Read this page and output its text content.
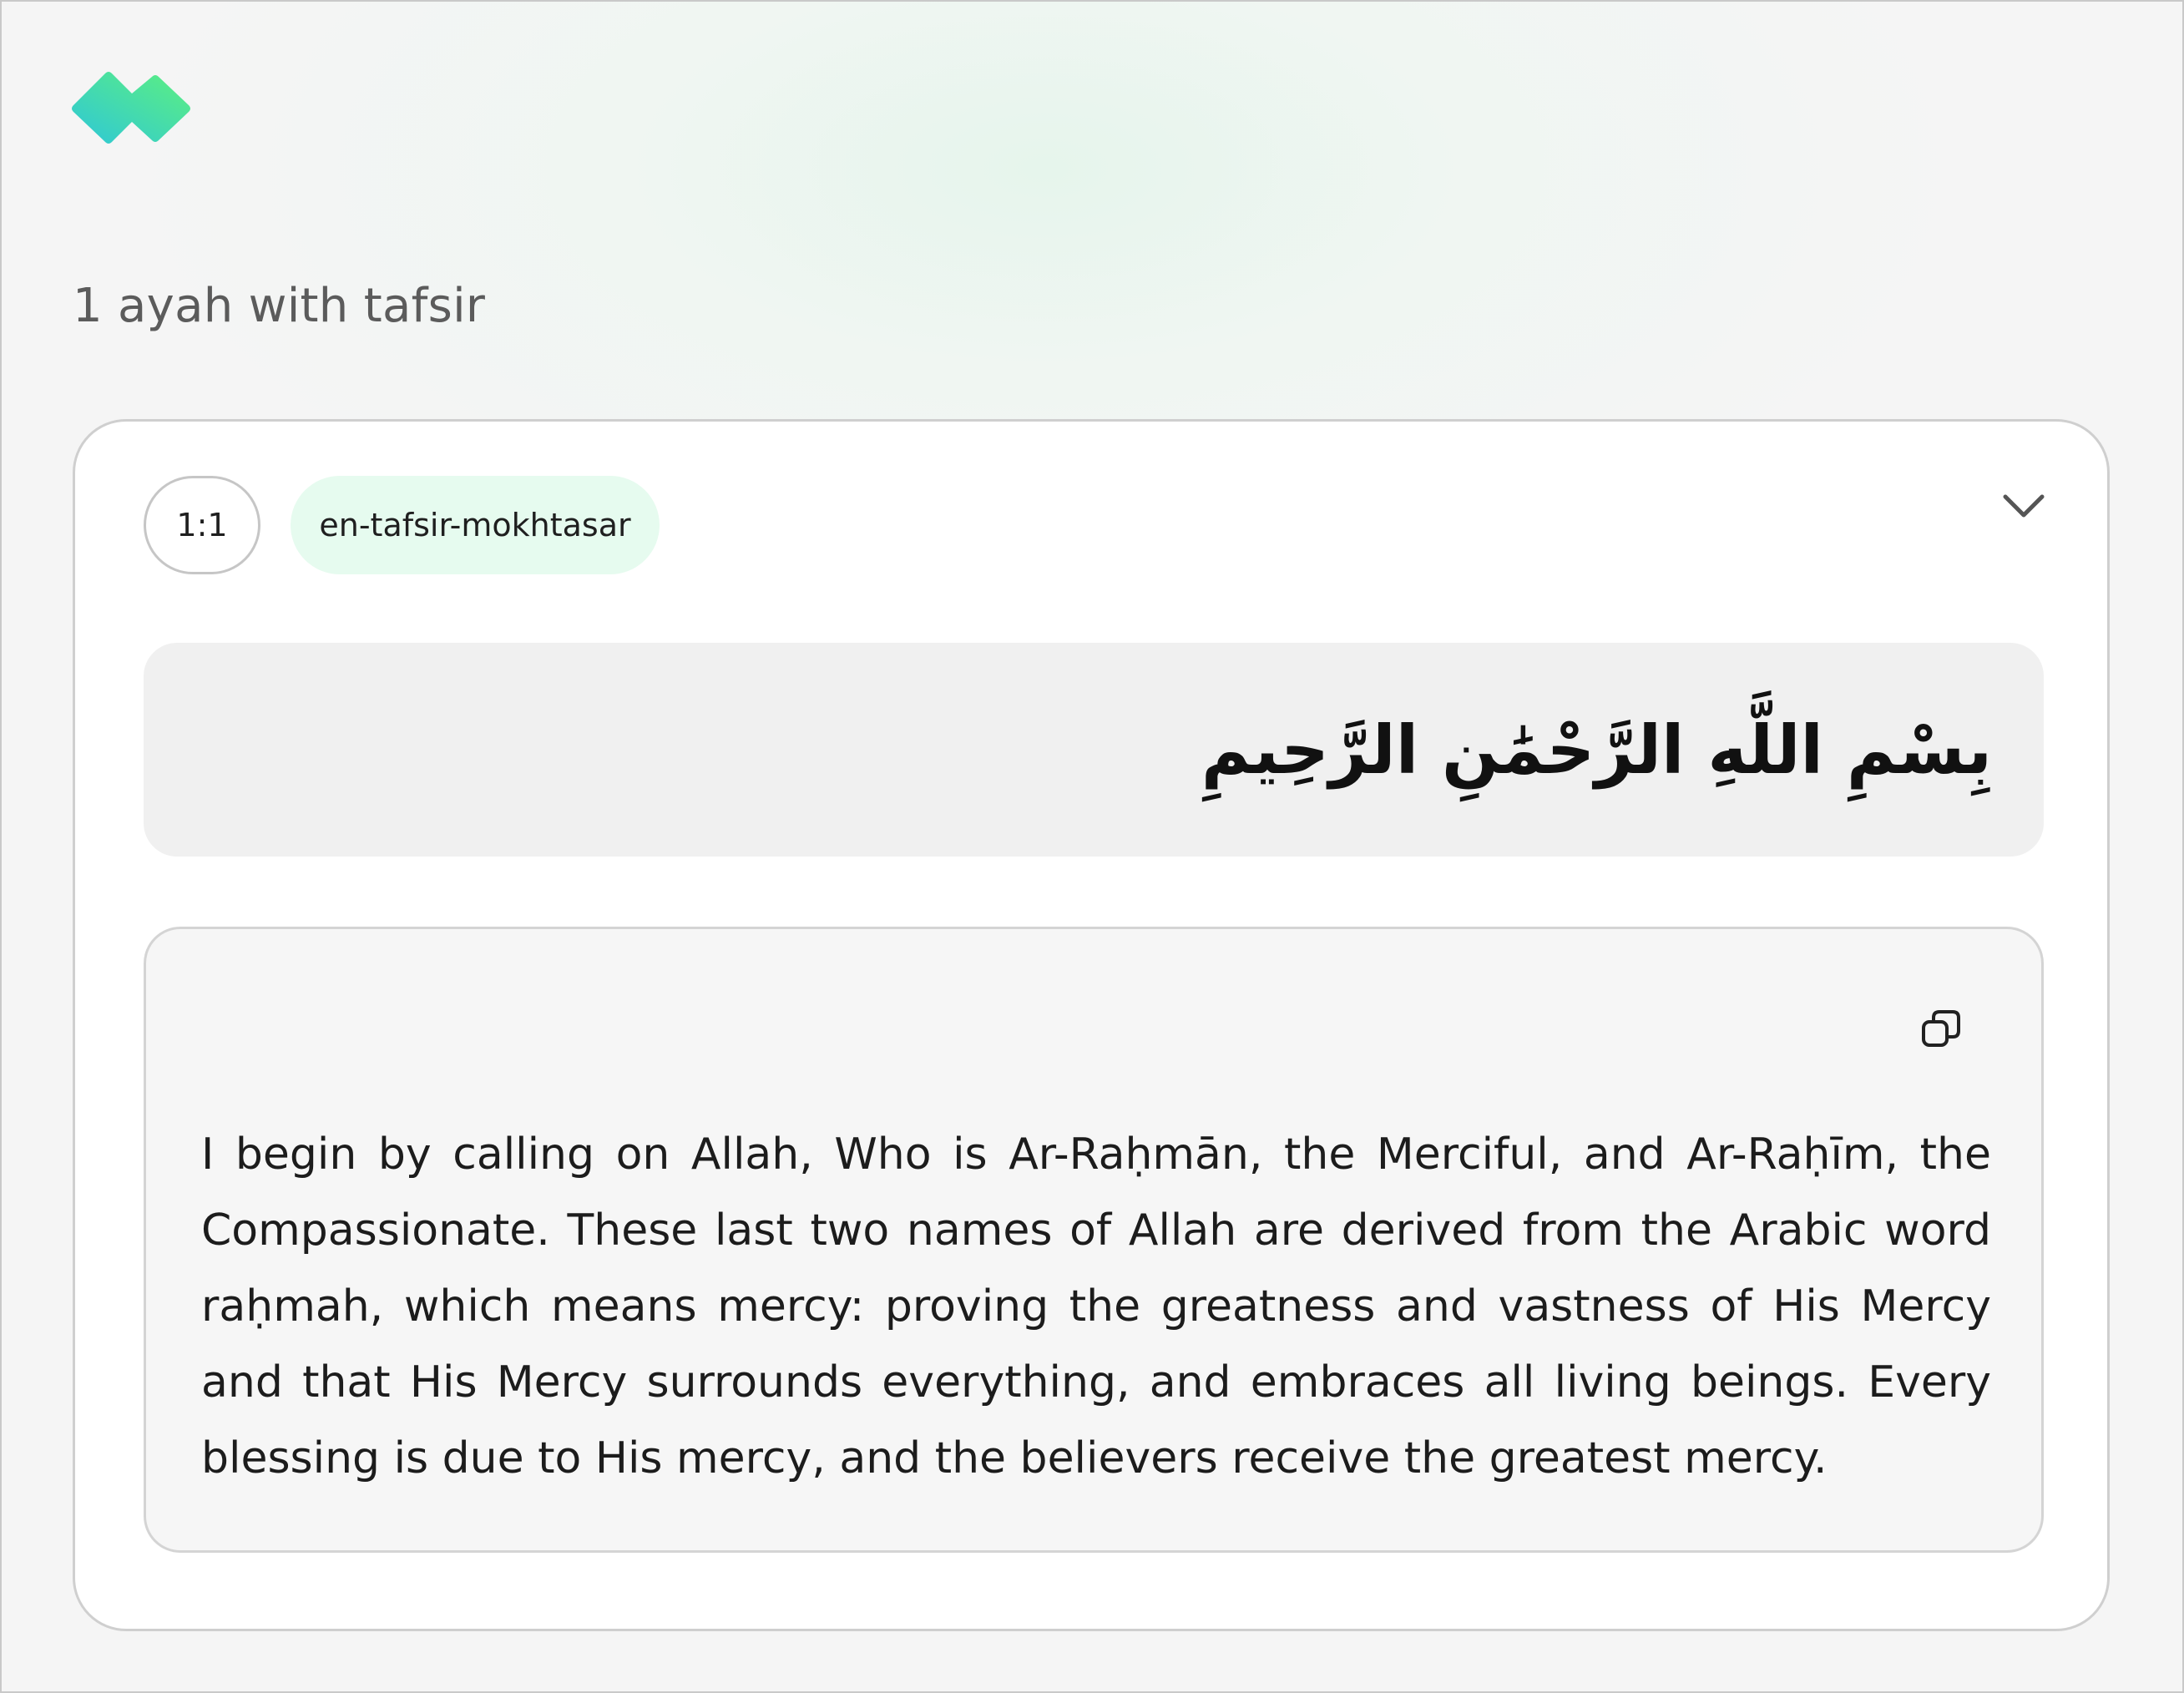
1 ayah with tafsir
1:1	en-tafsir-mokhtasar
بِسْمِ اللَّهِ الرَّحْمَٰنِ الرَّحِيمِ

I begin by calling on Allah, Who is Ar-Raḥmān, the Merciful, and Ar-Raḥīm, the Compassionate. These last two names of Allah are derived from the Arabic word raḥmah, which means mercy: proving the greatness and vastness of His Mercy and that His Mercy surrounds everything, and embraces all living beings. Every blessing is due to His mercy, and the believers receive the greatest mercy.
